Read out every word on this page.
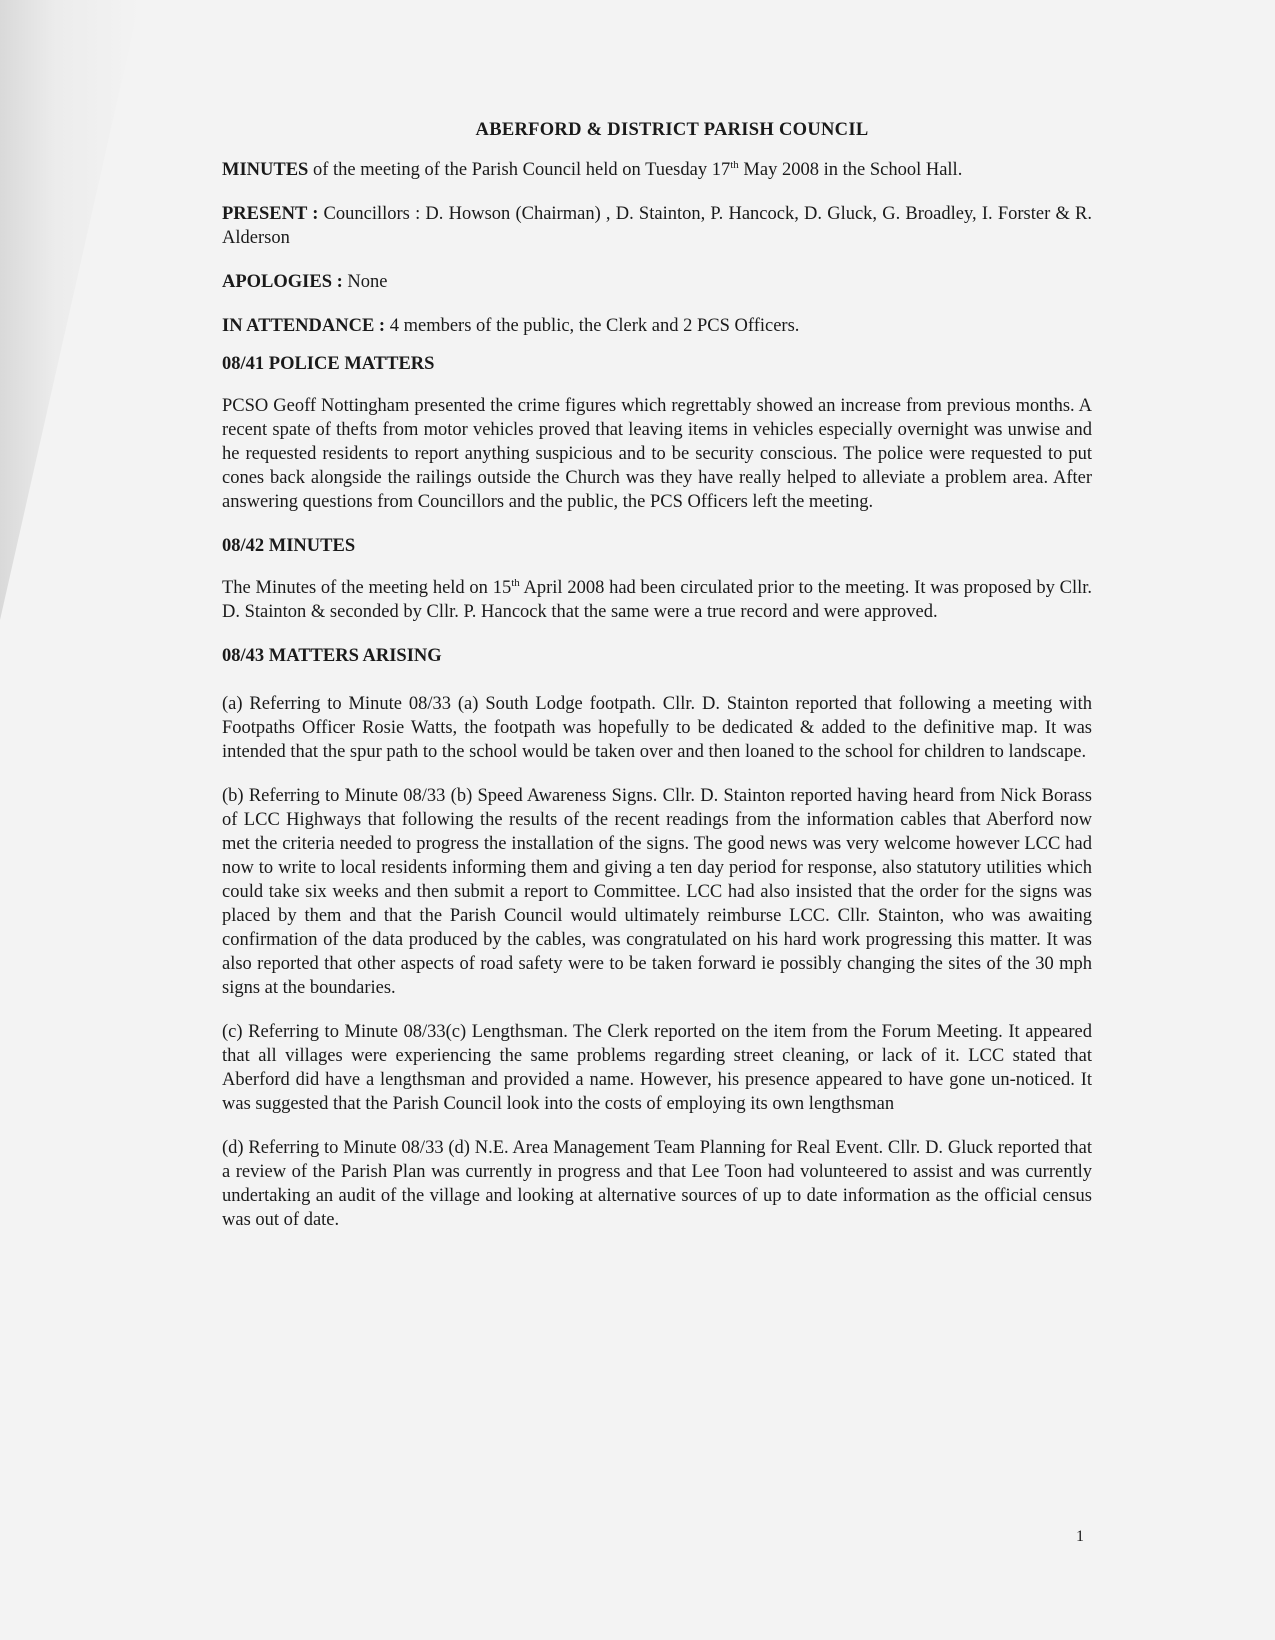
ABERFORD & DISTRICT PARISH COUNCIL

MINUTES of the meeting of the Parish Council held on Tuesday 17th May 2008 in the School Hall.

PRESENT : Councillors : D. Howson (Chairman) , D. Stainton, P. Hancock, D. Gluck, G. Broadley, I. Forster & R. Alderson

APOLOGIES : None

IN ATTENDANCE : 4 members of the public, the Clerk and 2 PCS Officers.

08/41 POLICE MATTERS

PCSO Geoff Nottingham presented the crime figures which regrettably showed an increase from previous months. A recent spate of thefts from motor vehicles proved that leaving items in vehicles especially overnight was unwise and he requested residents to report anything suspicious and to be security conscious. The police were requested to put cones back alongside the railings outside the Church was they have really helped to alleviate a problem area. After answering questions from Councillors and the public, the PCS Officers left the meeting.

08/42 MINUTES

The Minutes of the meeting held on 15th April 2008 had been circulated prior to the meeting. It was proposed by Cllr. D. Stainton & seconded by Cllr. P. Hancock that the same were a true record and were approved.

08/43 MATTERS ARISING

(a) Referring to Minute 08/33 (a) South Lodge footpath. Cllr. D. Stainton reported that following a meeting with Footpaths Officer Rosie Watts, the footpath was hopefully to be dedicated & added to the definitive map. It was intended that the spur path to the school would be taken over and then loaned to the school for children to landscape.

(b) Referring to Minute 08/33 (b) Speed Awareness Signs. Cllr. D. Stainton reported having heard from Nick Borass of LCC Highways that following the results of the recent readings from the information cables that Aberford now met the criteria needed to progress the installation of the signs. The good news was very welcome however LCC had now to write to local residents informing them and giving a ten day period for response, also statutory utilities which could take six weeks and then submit a report to Committee. LCC had also insisted that the order for the signs was placed by them and that the Parish Council would ultimately reimburse LCC. Cllr. Stainton, who was awaiting confirmation of the data produced by the cables, was congratulated on his hard work progressing this matter. It was also reported that other aspects of road safety were to be taken forward ie possibly changing the sites of the 30 mph signs at the boundaries.

(c) Referring to Minute 08/33(c) Lengthsman. The Clerk reported on the item from the Forum Meeting. It appeared that all villages were experiencing the same problems regarding street cleaning, or lack of it. LCC stated that Aberford did have a lengthsman and provided a name. However, his presence appeared to have gone un-noticed. It was suggested that the Parish Council look into the costs of employing its own lengthsman

(d) Referring to Minute 08/33 (d) N.E. Area Management Team Planning for Real Event. Cllr. D. Gluck reported that a review of the Parish Plan was currently in progress and that Lee Toon had volunteered to assist and was currently undertaking an audit of the village and looking at alternative sources of up to date information as the official census was out of date.

1
